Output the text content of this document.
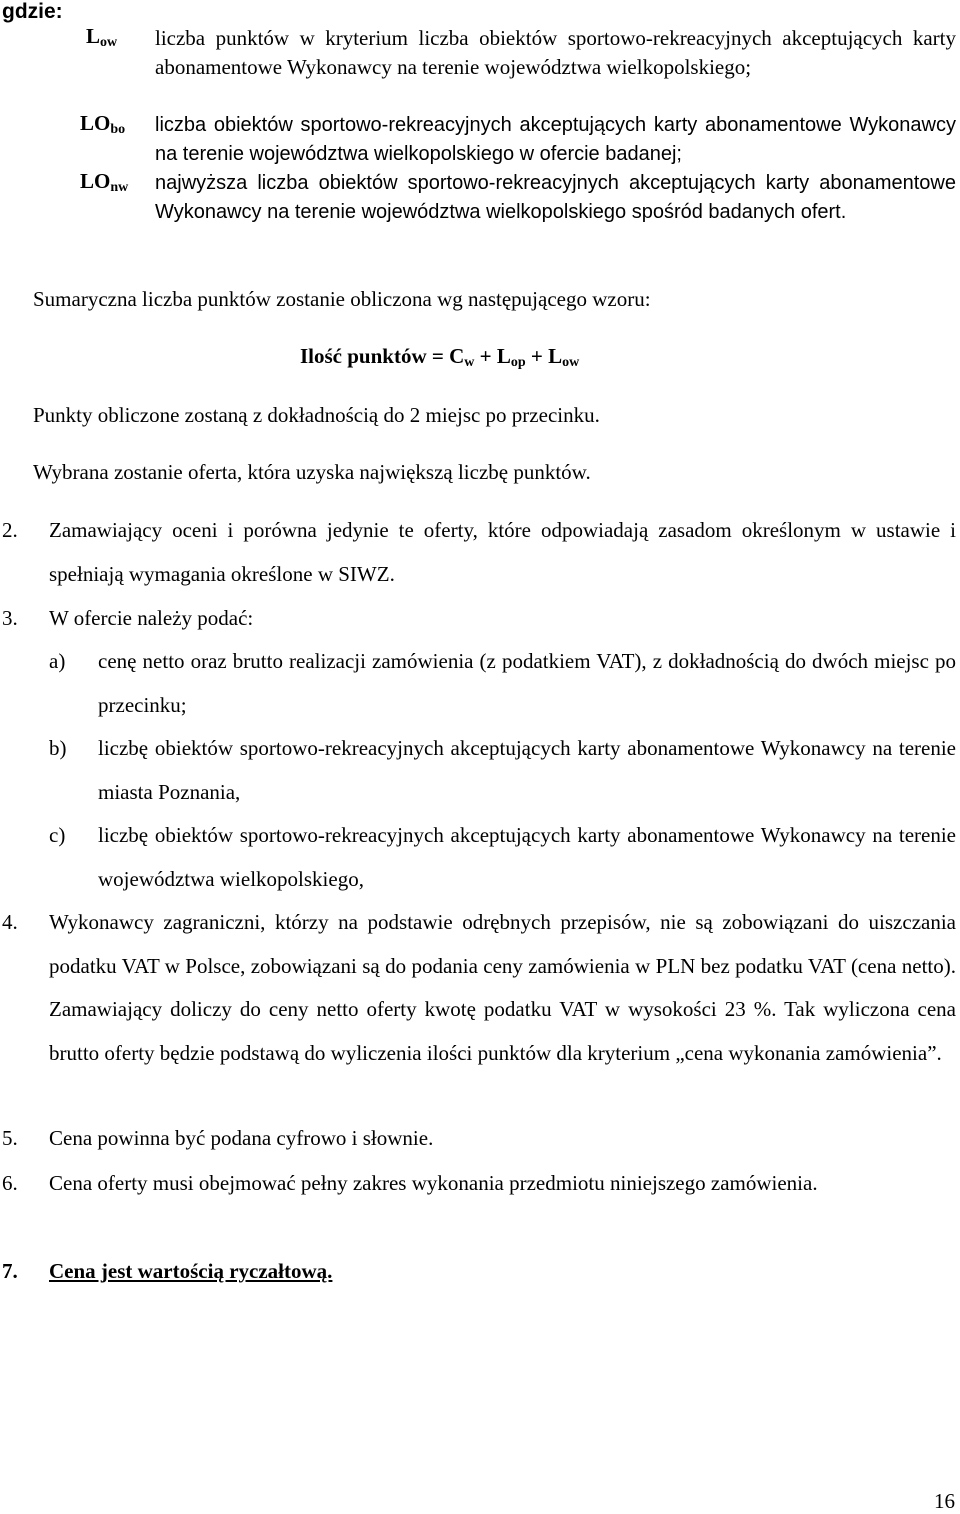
gdzie:
$L_{ow}$ liczba punktów w kryterium liczba obiektów sportowo-rekreacyjnych akceptujących karty abonamentowe Wykonawcy na terenie województwa wielkopolskiego;
$LO_{bo}$ liczba obiektów sportowo-rekreacyjnych akceptujących karty abonamentowe Wykonawcy na terenie województwa wielkopolskiego w ofercie badanej;
$LO_{nw}$ najwyższa liczba obiektów sportowo-rekreacyjnych akceptujących karty abonamentowe Wykonawcy na terenie województwa wielkopolskiego spośród badanych ofert.
Sumaryczna liczba punktów zostanie obliczona wg następującego wzoru:
Ilość punktów = $C_w + L_{op} + L_{ow}$
Punkty obliczone zostaną z dokładnością do 2 miejsc po przecinku.
Wybrana zostanie oferta, która uzyska największą liczbę punktów.
2. Zamawiający oceni i porówna jedynie te oferty, które odpowiadają zasadom określonym w ustawie i spełniają wymagania określone w SIWZ.
3. W ofercie należy podać:
a) cenę netto oraz brutto realizacji zamówienia (z podatkiem VAT), z dokładnością do dwóch miejsc po przecinku;
b) liczbę obiektów sportowo-rekreacyjnych akceptujących karty abonamentowe Wykonawcy na terenie miasta Poznania,
c) liczbę obiektów sportowo-rekreacyjnych akceptujących karty abonamentowe Wykonawcy na terenie województwa wielkopolskiego,
4. Wykonawcy zagraniczni, którzy na podstawie odrębnych przepisów, nie są zobowiązani do uiszczania podatku VAT w Polsce, zobowiązani są do podania ceny zamówienia w PLN bez podatku VAT (cena netto). Zamawiający doliczy do ceny netto oferty kwotę podatku VAT w wysokości 23 %. Tak wyliczona cena brutto oferty będzie podstawą do wyliczenia ilości punktów dla kryterium „cena wykonania zamówienia”.
5. Cena powinna być podana cyfrowo i słownie.
6. Cena oferty musi obejmować pełny zakres wykonania przedmiotu niniejszego zamówienia.
7. Cena jest wartością ryczałtową.
16
